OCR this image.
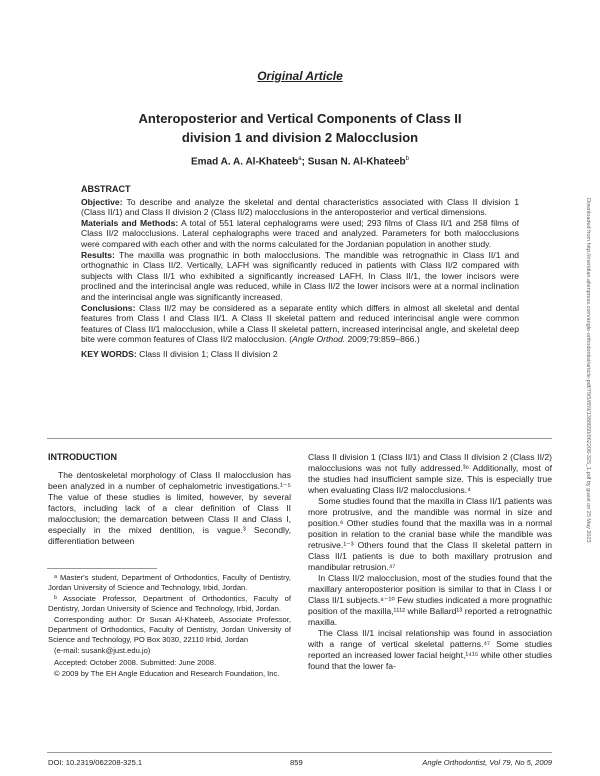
Original Article
Anteroposterior and Vertical Components of Class II
division 1 and division 2 Malocclusion
Emad A. A. Al-Khateeb$^a$; Susan N. Al-Khateeb$^b$
ABSTRACT

Objective: To describe and analyze the skeletal and dental characteristics associated with Class II division 1 (Class II/1) and Class II division 2 (Class II/2) malocclusions in the anteroposterior and vertical dimensions.

Materials and Methods: A total of 551 lateral cephalograms were used; 293 films of Class II/1 and 258 films of Class II/2 malocclusions. Lateral cephalographs were traced and analyzed. Parameters for both malocclusions were compared with each other and with the norms calculated for the Jordanian population in another study.

Results: The maxilla was prognathic in both malocclusions. The mandible was retrognathic in Class II/1 and orthognathic in Class II/2. Vertically, LAFH was significantly reduced in patients with Class II/2 compared with subjects with Class II/1 who exhibited a significantly increased LAFH. In Class II/1, the lower incisors were proclined and the interincisal angle was reduced, while in Class II/2 the lower incisors were at a normal inclination and the interincisal angle was significantly increased.

Conclusions: Class II/2 may be considered as a separate entity which differs in almost all skeletal and dental features from Class I and Class II/1. A Class II skeletal pattern and reduced interincisal angle were common features of Class II/1 malocclusion, while a Class II skeletal pattern, increased interincisal angle, and skeletal deep bite were common features of Class II/2 malocclusion. (Angle Orthod. 2009;79:859–866.)

KEY WORDS: Class II division 1; Class II division 2

INTRODUCTION

The dentoskeletal morphology of Class II malocclusion has been analyzed in a number of cephalometric investigations.¹⁻⁵ The value of these studies is limited, however, by several factors, including lack of a clear definition of Class II malocclusion; the demarcation between Class II and Class I, especially in the mixed dentition, is vague.³ Secondly, differentiation between

ᵃ Master's student, Department of Orthodontics, Faculty of Dentistry, Jordan University of Science and Technology, Irbid, Jordan.

ᵇ Associate Professor, Department of Orthodontics, Faculty of Dentistry, Jordan University of Science and Technology, Irbid, Jordan.

Corresponding author: Dr Susan Al-Khateeb, Associate Professor, Department of Orthodontics, Faculty of Dentistry, Jordan University of Science and Technology, PO Box 3030, 22110 Irbid, Jordan

(e-mail: susank@just.edu.jo)

Accepted: October 2008. Submitted: June 2008.

© 2009 by The EH Angle Education and Research Foundation, Inc.

Class II division 1 (Class II/1) and Class II division 2 (Class II/2) malocclusions was not fully addressed.³⁶ Additionally, most of the studies had insufficient sample size. This is especially true when evaluating Class II/2 malocclusions.⁴

Some studies found that the maxilla in Class II/1 patients was more protrusive, and the mandible was normal in size and position.⁶ Other studies found that the maxilla was in a normal position in relation to the cranial base while the mandible was retrusive.¹⁻³ Others found that the Class II skeletal pattern in Class II/1 patients is due to both maxillary protrusion and mandibular retrusion.⁴⁷

In Class II/2 malocclusion, most of the studies found that the maxillary anteroposterior position is similar to that in Class I or Class II/1 subjects.⁸⁻¹⁰ Few studies indicated a more prognathic position of the maxilla,¹¹¹² while Ballard¹³ reported a retrognathic maxilla.

The Class II/1 incisal relationship was found in association with a range of vertical skeletal patterns.⁴⁷ Some studies reported an increased lower facial height,¹⁴¹⁵ while other studies found that the lower fa-

DOI: 10.2319/062208-325.1	859	Angle Orthodontist, Vol 79, No 5, 2009
Downloaded from http://meridian.allenpress.com/angle-orthodontist/article-pdf/79/5/859/1388650/062208-325_1.pdf by guest on 25 May 2023
